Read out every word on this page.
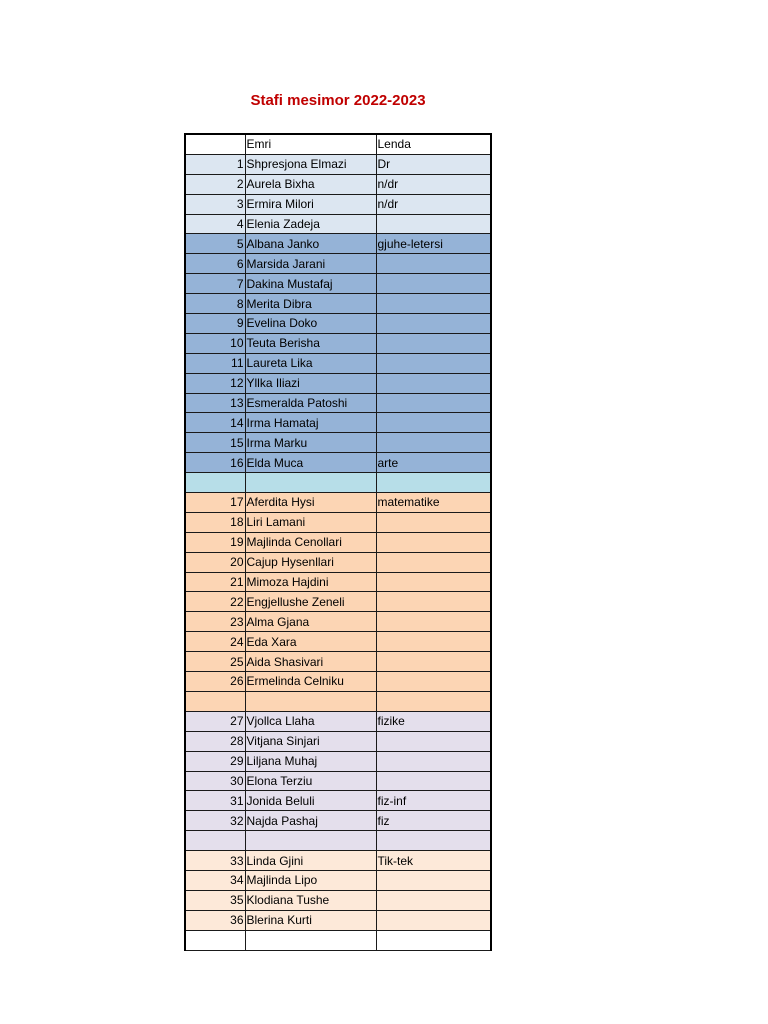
Stafi mesimor 2022-2023
	Emri	Lenda
1	Shpresjona Elmazi	Dr
2	Aurela Bixha	n/dr
3	Ermira Milori	n/dr
4	Elenia Zadeja	
5	Albana Janko	gjuhe-letersi
6	Marsida Jarani	
7	Dakina Mustafaj	
8	Merita Dibra	
9	Evelina Doko	
10	Teuta Berisha	
11	Laureta Lika	
12	Yllka Iliazi	
13	Esmeralda Patoshi	
14	Irma Hamataj	
15	Irma Marku	
16	Elda Muca	arte

17	Aferdita Hysi	matematike
18	Liri Lamani	
19	Majlinda Cenollari	
20	Cajup Hysenllari	
21	Mimoza Hajdini	
22	Engjellushe Zeneli	
23	Alma Gjana	
24	Eda Xara	
25	Aida Shasivari	
26	Ermelinda Celniku	

27	Vjollca Llaha	fizike
28	Vitjana Sinjari	
29	Liljana Muhaj	
30	Elona Terziu	
31	Jonida Beluli	fiz-inf
32	Najda Pashaj	fiz

33	Linda Gjini	Tik-tek
34	Majlinda Lipo	
35	Klodiana Tushe	
36	Blerina Kurti	
